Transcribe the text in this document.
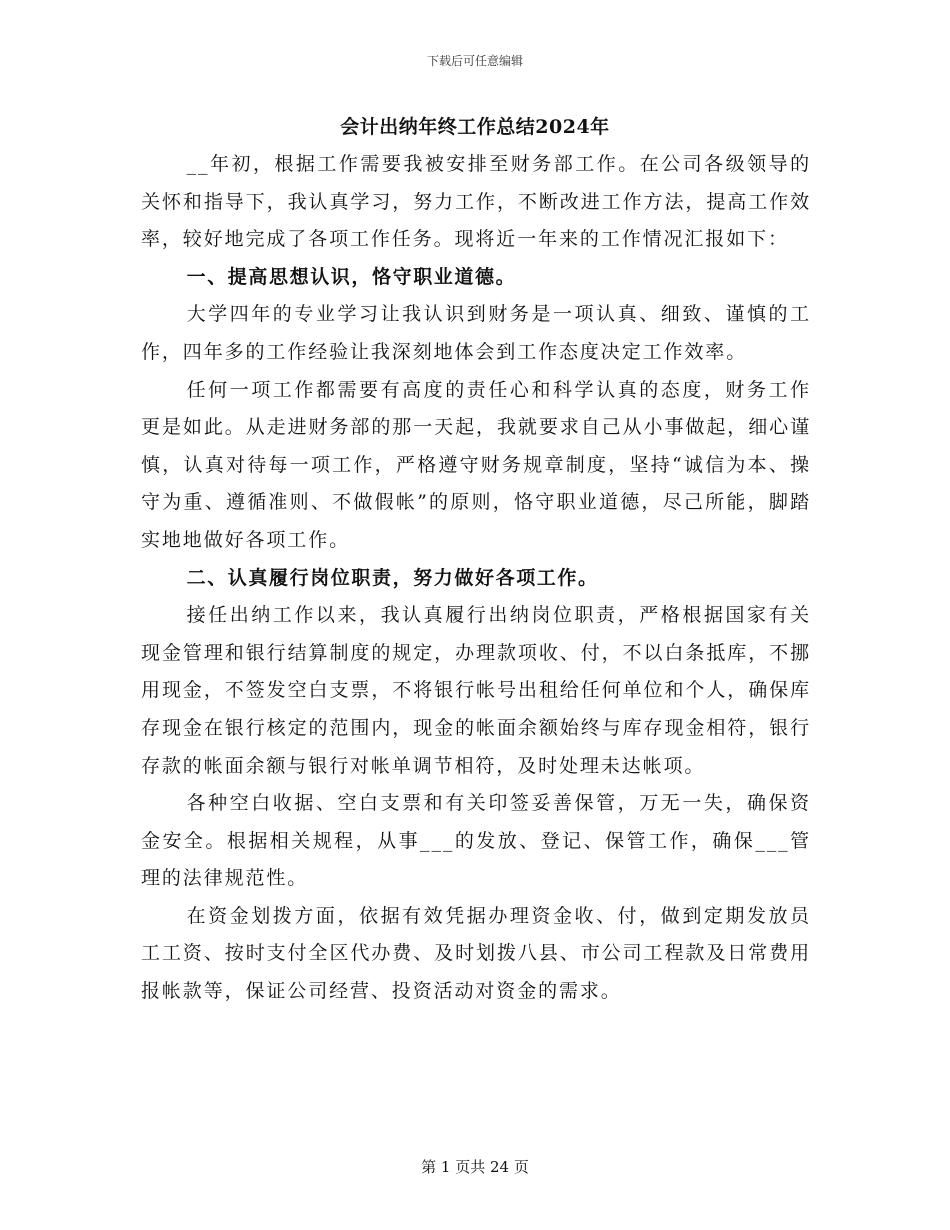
下载后可任意编辑
会计出纳年终工作总结2024年

__年初，根据工作需要我被安排至财务部工作。在公司各级领导的关怀和指导下，我认真学习，努力工作，不断改进工作方法，提高工作效率，较好地完成了各项工作任务。现将近一年来的工作情况汇报如下：

一、提高思想认识，恪守职业道德。

大学四年的专业学习让我认识到财务是一项认真、细致、谨慎的工作，四年多的工作经验让我深刻地体会到工作态度决定工作效率。

任何一项工作都需要有高度的责任心和科学认真的态度，财务工作更是如此。从走进财务部的那一天起，我就要求自己从小事做起，细心谨慎，认真对待每一项工作，严格遵守财务规章制度，坚持“诚信为本、操守为重、遵循准则、不做假帐”的原则，恪守职业道德，尽己所能，脚踏实地地做好各项工作。

二、认真履行岗位职责，努力做好各项工作。

接任出纳工作以来，我认真履行出纳岗位职责，严格根据国家有关现金管理和银行结算制度的规定，办理款项收、付，不以白条抵库，不挪用现金，不签发空白支票，不将银行帐号出租给任何单位和个人，确保库存现金在银行核定的范围内，现金的帐面余额始终与库存现金相符，银行存款的帐面余额与银行对帐单调节相符，及时处理未达帐项。

各种空白收据、空白支票和有关印签妥善保管，万无一失，确保资金安全。根据相关规程，从事___的发放、登记、保管工作，确保___管理的法律规范性。

在资金划拨方面，依据有效凭据办理资金收、付，做到定期发放员工工资、按时支付全区代办费、及时划拨八县、市公司工程款及日常费用报帐款等，保证公司经营、投资活动对资金的需求。

第 1 页共 24 页
